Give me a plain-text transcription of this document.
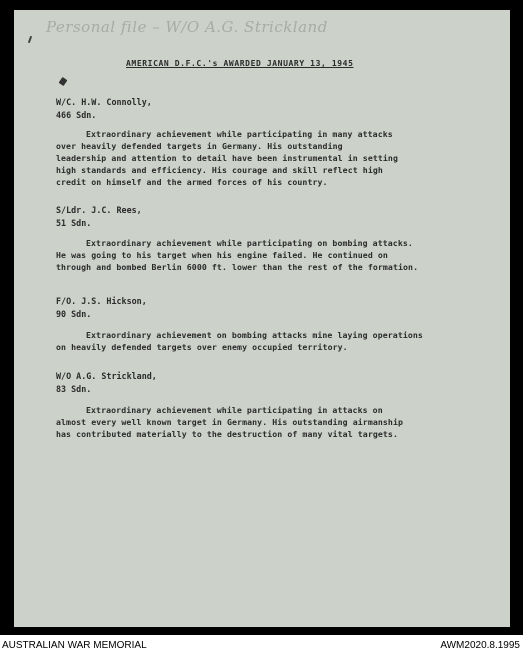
Personal file – W/O A.G. Strickland
AMERICAN D.F.C.'s AWARDED JANUARY 13, 1945
W/C. H.W. Connolly,
466 Sdn.
Extraordinary achievement while participating in many attacks
over heavily defended targets in Germany. His outstanding
leadership and attention to detail have been instrumental in setting
high standards and efficiency. His courage and skill reflect high
credit on himself and the armed forces of his country.
S/Ldr. J.C. Rees,
51 Sdn.
Extraordinary achievement while participating on bombing attacks.
He was going to his target when his engine failed. He continued on
through and bombed Berlin 6000 ft. lower than the rest of the formation.
F/O. J.S. Hickson,
90 Sdn.
Extraordinary achievement on bombing attacks mine laying operations
on heavily defended targets over enemy occupied territory.
W/O A.G. Strickland,
83 Sdn.
Extraordinary achievement while participating in attacks on
almost every well known target in Germany. His outstanding airmanship
has contributed materially to the destruction of many vital targets.
AUSTRALIAN WAR MEMORIAL	AWM2020.8.1995
